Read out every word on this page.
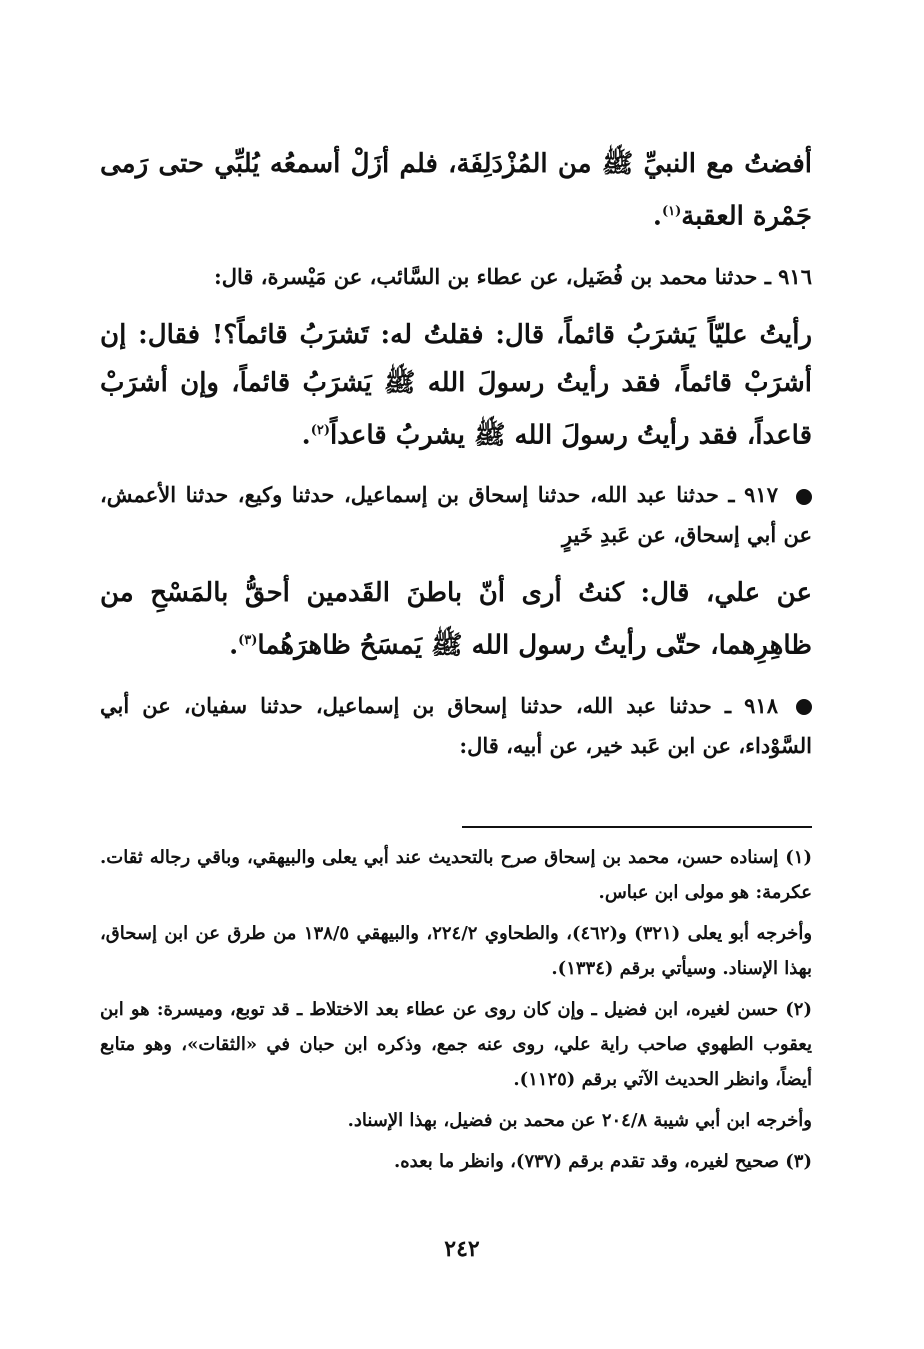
أفضتُ مع النبيِّ ﷺ من المُزْدَلِفَة، فلم أزَلْ أسمعُه يُلبِّي حتى رَمى جَمْرة العقبة$^{(١)}$.

٩١٦ ـ حدثنا محمد بن فُضَيل، عن عطاء بن السَّائب، عن مَيْسرة، قال:

رأيتُ عليّاً يَشرَبُ قائماً، قال: فقلتُ له: تَشرَبُ قائماً؟! فقال: إن أشرَبْ قائماً، فقد رأيتُ رسولَ الله ﷺ يَشرَبُ قائماً، وإن أشرَبْ قاعداً، فقد رأيتُ رسولَ الله ﷺ يشربُ قاعداً$^{(٢)}$.

٩١٧ ـ حدثنا عبد الله، حدثنا إسحاق بن إسماعيل، حدثنا وكيع، حدثنا الأعمش، عن أبي إسحاق، عن عَبدِ خَيرٍ

عن علي، قال: كنتُ أرى أنّ باطنَ القَدمين أحقُّ بالمَسْحِ من ظاهِرِهما، حتّى رأيتُ رسول الله ﷺ يَمسَحُ ظاهرَهُما$^{(٣)}$.

٩١٨ ـ حدثنا عبد الله، حدثنا إسحاق بن إسماعيل، حدثنا سفيان، عن أبي السَّوْداء، عن ابن عَبد خير، عن أبيه، قال:

(١) إسناده حسن، محمد بن إسحاق صرح بالتحديث عند أبي يعلى والبيهقي، وباقي رجاله ثقات. عكرمة: هو مولى ابن عباس.

وأخرجه أبو يعلى (٣٢١) و(٤٦٢)، والطحاوي ٢٢٤/٢، والبيهقي ١٣٨/٥ من طرق عن ابن إسحاق، بهذا الإسناد. وسيأتي برقم (١٣٣٤).

(٢) حسن لغيره، ابن فضيل ـ وإن كان روى عن عطاء بعد الاختلاط ـ قد توبع، وميسرة: هو ابن يعقوب الطهوي صاحب راية علي، روى عنه جمع، وذكره ابن حبان في «الثقات»، وهو متابع أيضاً، وانظر الحديث الآتي برقم (١١٢٥).

وأخرجه ابن أبي شيبة ٢٠٤/٨ عن محمد بن فضيل، بهذا الإسناد.

(٣) صحيح لغيره، وقد تقدم برقم (٧٣٧)، وانظر ما بعده.

٢٤٢
